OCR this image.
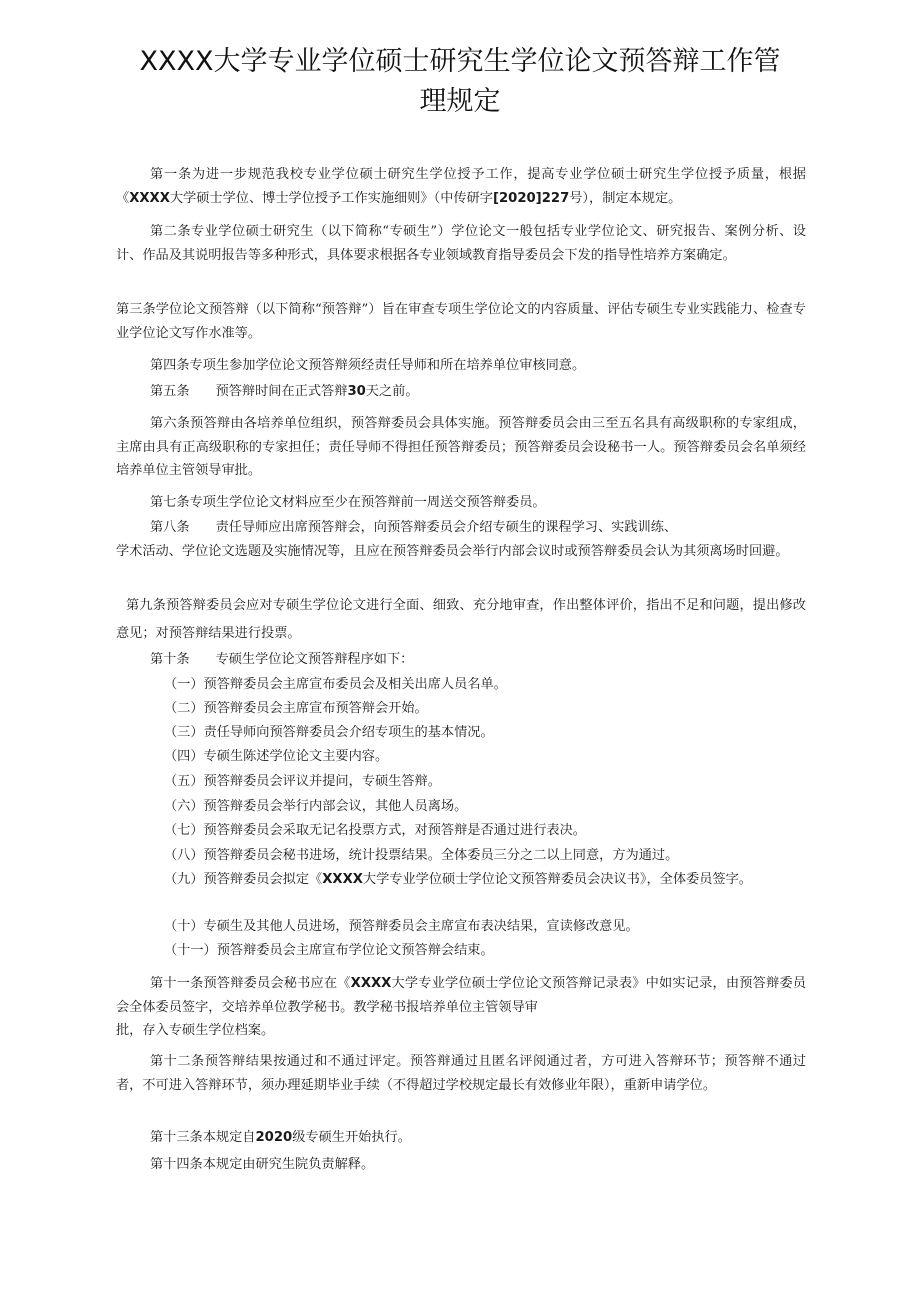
XXXX大学专业学位硕士研究生学位论文预答辩工作管
理规定

第一条为进一步规范我校专业学位硕士研究生学位授予工作，提高专业学位硕士研究生学位授予质量，根据《XXXX大学硕士学位、博士学位授予工作实施细则》（中传研字[2020]227号），制定本规定。

第二条专业学位硕士研究生（以下简称“专硕生”）学位论文一般包括专业学位论文、研究报告、案例分析、设计、作品及其说明报告等多种形式，具体要求根据各专业领域教育指导委员会下发的指导性培养方案确定。

第三条学位论文预答辩（以下简称“预答辩”）旨在审查专项生学位论文的内容质量、评估专硕生专业实践能力、检查专业学位论文写作水准等。

第四条专项生参加学位论文预答辩须经责任导师和所在培养单位审核同意。

第五条 预答辩时间在正式答辩30天之前。

第六条预答辩由各培养单位组织，预答辩委员会具体实施。预答辩委员会由三至五名具有高级职称的专家组成，主席由具有正高级职称的专家担任；责任导师不得担任预答辩委员；预答辩委员会设秘书一人。预答辩委员会名单须经培养单位主管领导审批。

第七条专项生学位论文材料应至少在预答辩前一周送交预答辩委员。

第八条 责任导师应出席预答辩会，向预答辩委员会介绍专硕生的课程学习、实践训练、

学术活动、学位论文选题及实施情况等，且应在预答辩委员会举行内部会议时或预答辩委员会认为其须离场时回避。

第九条预答辩委员会应对专硕生学位论文进行全面、细致、充分地审查，作出整体评价，指出不足和问题，提出修改意见；对预答辩结果进行投票。

第十条 专硕生学位论文预答辩程序如下：

（一）预答辩委员会主席宣布委员会及相关出席人员名单。

（二）预答辩委员会主席宣布预答辩会开始。

（三）责任导师向预答辩委员会介绍专项生的基本情况。

（四）专硕生陈述学位论文主要内容。

（五）预答辩委员会评议并提问，专硕生答辩。

（六）预答辩委员会举行内部会议，其他人员离场。

（七）预答辩委员会采取无记名投票方式，对预答辩是否通过进行表决。

（八）预答辩委员会秘书进场，统计投票结果。全体委员三分之二以上同意，方为通过。

（九）预答辩委员会拟定《XXXX大学专业学位硕士学位论文预答辩委员会决议书》，全体委员签字。

（十）专硕生及其他人员进场，预答辩委员会主席宣布表决结果，宣读修改意见。

（十一）预答辩委员会主席宣布学位论文预答辩会结束。

第十一条预答辩委员会秘书应在《XXXX大学专业学位硕士学位论文预答辩记录表》中如实记录，由预答辩委员会全体委员签字，交培养单位教学秘书。教学秘书报培养单位主管领导审

批，存入专硕生学位档案。

第十二条预答辩结果按通过和不通过评定。预答辩通过且匿名评阅通过者，方可进入答辩环节；预答辩不通过者，不可进入答辩环节，须办理延期毕业手续（不得超过学校规定最长有效修业年限），重新申请学位。

第十三条本规定自2020级专硕生开始执行。

第十四条本规定由研究生院负责解释。
